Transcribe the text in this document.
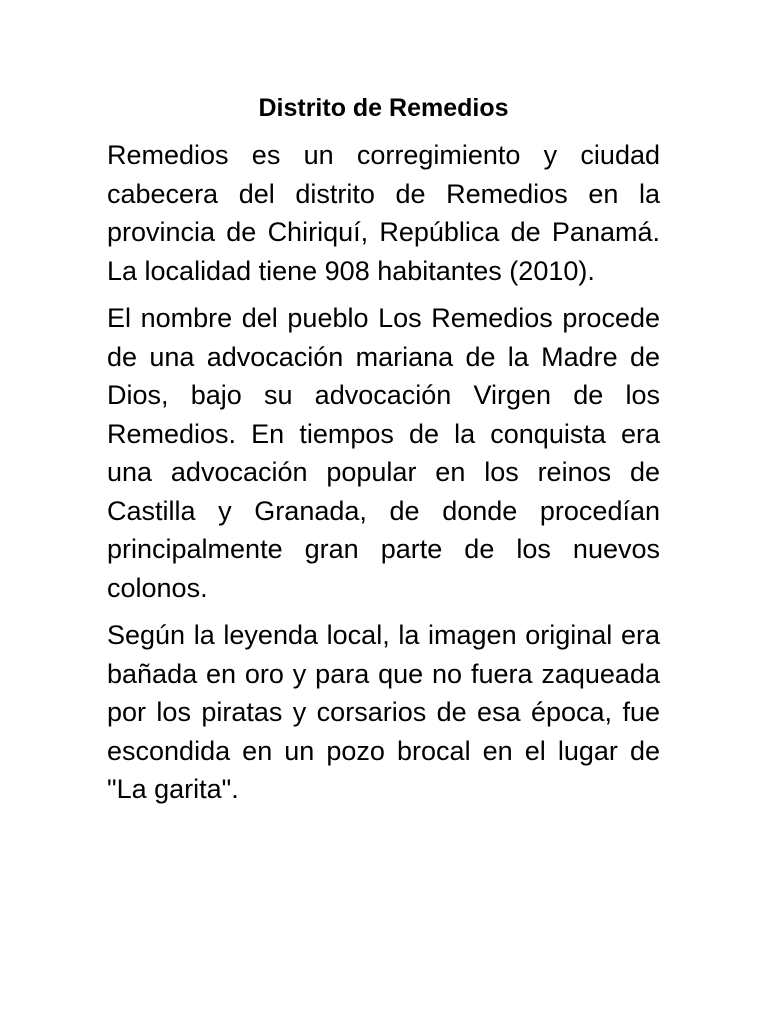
Distrito de Remedios

Remedios es un corregimiento y ciudad cabecera del distrito de Remedios en la provincia de Chiriquí, República de Panamá. La localidad tiene 908 habitantes (2010).

El nombre del pueblo Los Remedios procede de una advocación mariana de la Madre de Dios, bajo su advocación Virgen de los Remedios. En tiempos de la conquista era una advocación popular en los reinos de Castilla y Granada, de donde procedían principalmente gran parte de los nuevos colonos.

Según la leyenda local, la imagen original era bañada en oro y para que no fuera zaqueada por los piratas y corsarios de esa época, fue escondida en un pozo brocal en el lugar de "La garita".
